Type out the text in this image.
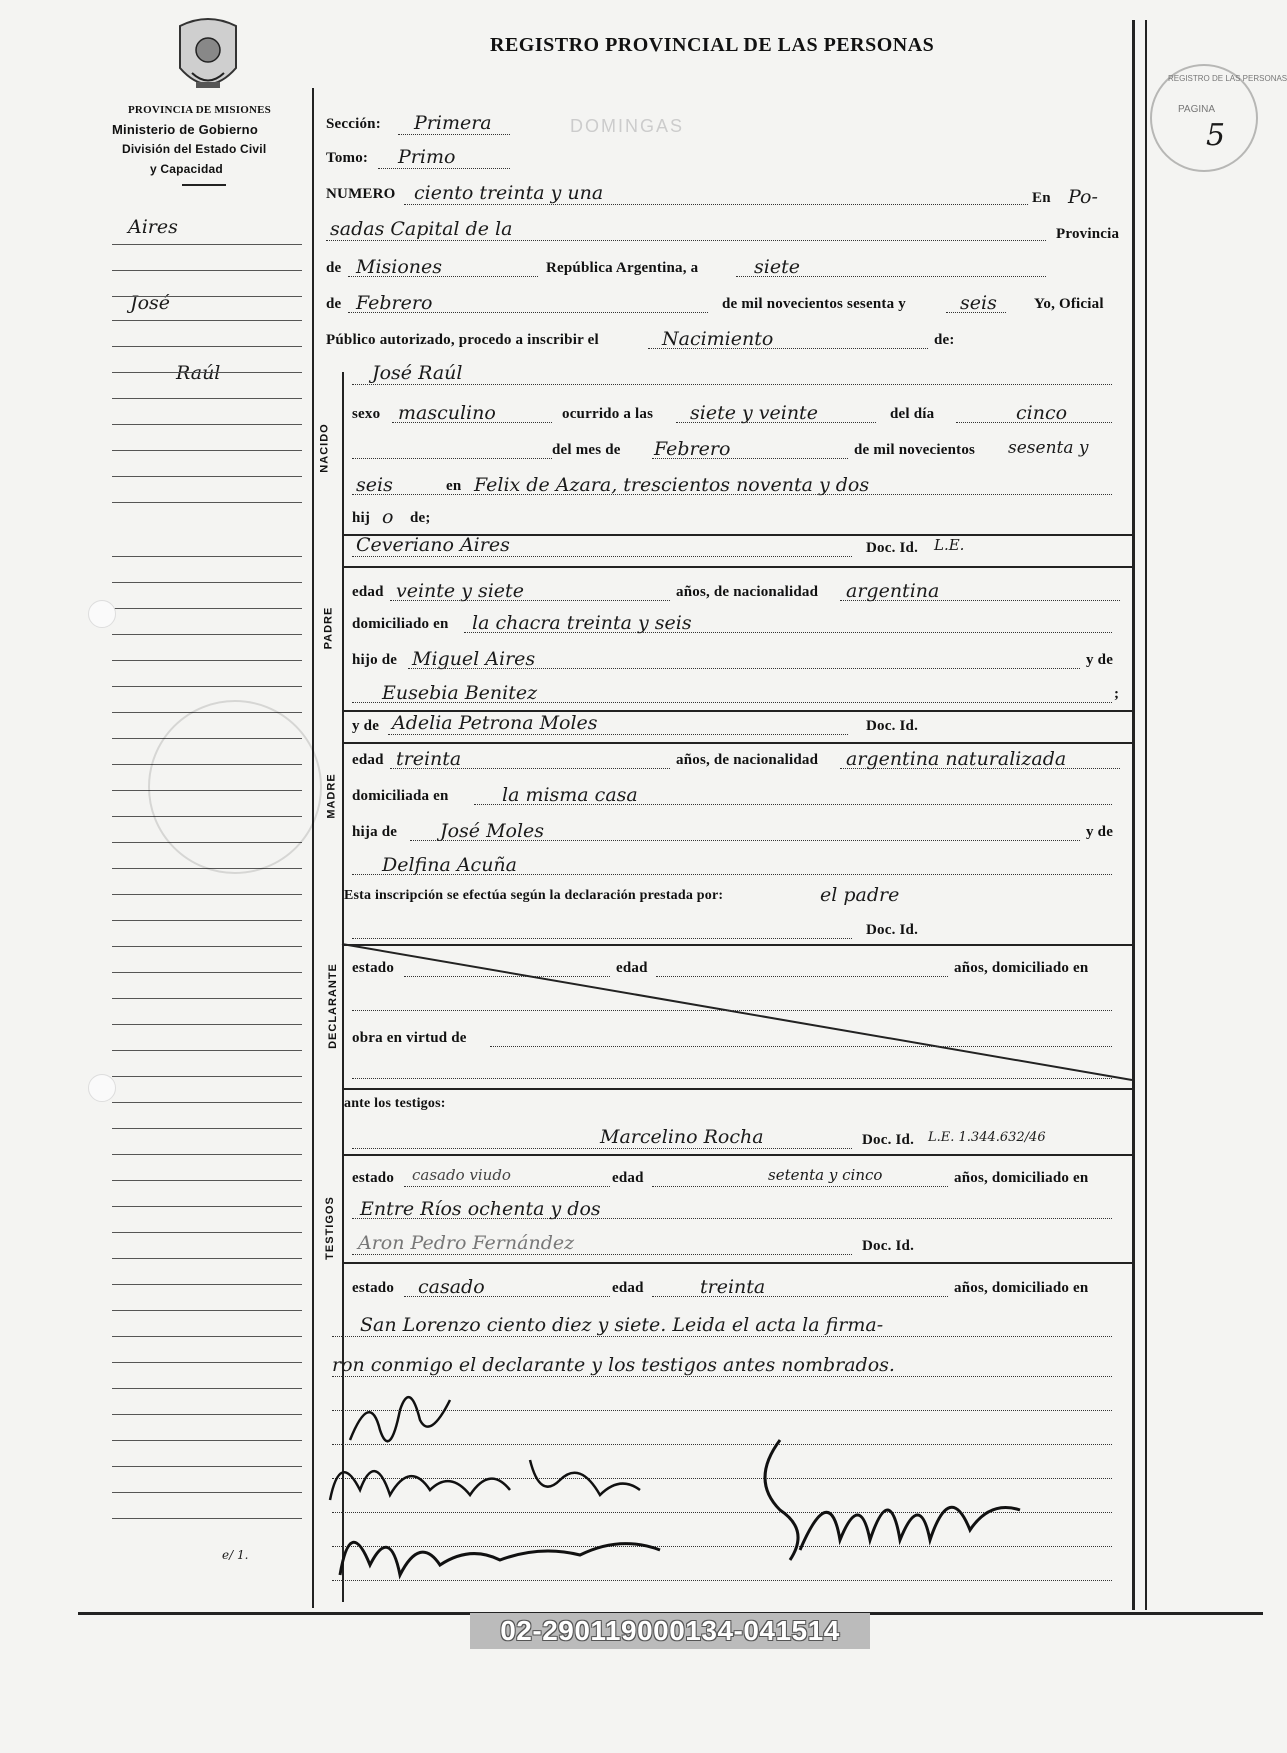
PROVINCIA DE MISIONES
Ministerio de Gobierno
División del Estado Civil
y Capacidad
REGISTRO PROVINCIAL DE LAS PERSONAS
Aires
José
Raúl
e/ 1.
REGISTRO DE LAS PERSONAS
PAGINA
5
DOMINGAS
Sección: Primera
Tomo: Primo
NUMERO ciento treinta y una	En Po-
sadas Capital de la	Provincia
de Misiones	República Argentina, a	siete
de Febrero	de mil novecientos sesenta y	seis Yo, Oficial
Público autorizado, procedo a inscribir el	Nacimiento	de:
NACIDO
José Raúl
sexo masculino	ocurrido a las siete y veinte	del día	cinco
del mes de Febrero	de mil novecientos sesenta y
seis	en Felix de Azara, trescientos noventa y dos
hij o de;
PADRE
Ceveriano Aires	Doc. Id. L.E.
edad veinte y siete	años, de nacionalidad argentina
domiciliado en la chacra treinta y seis
hijo de Miguel Aires	y de
Eusebia Benitez	;
MADRE
y de Adelia Petrona Moles	Doc. Id.
edad treinta	años, de nacionalidad argentina naturalizada
domiciliada en	la misma casa
hija de José Moles	y de
Delfina Acuña
Esta inscripción se efectúa según la declaración prestada por:	el padre
DECLARANTE
Doc. Id.
estado	edad	años, domiciliado en
obra en virtud de
ante los testigos:
TESTIGOS
Marcelino Rocha	Doc. Id. L.E. 1.344.632/46
estado casado viudo	edad	setenta y cinco	años, domiciliado en
Entre Ríos ochenta y dos
Aron Pedro Fernández	Doc. Id.
estado casado	edad	treinta	años, domiciliado en
San Lorenzo ciento diez y siete. Leida el acta la firma-
ron conmigo el declarante y los testigos antes nombrados.
02-290119000134-041514
